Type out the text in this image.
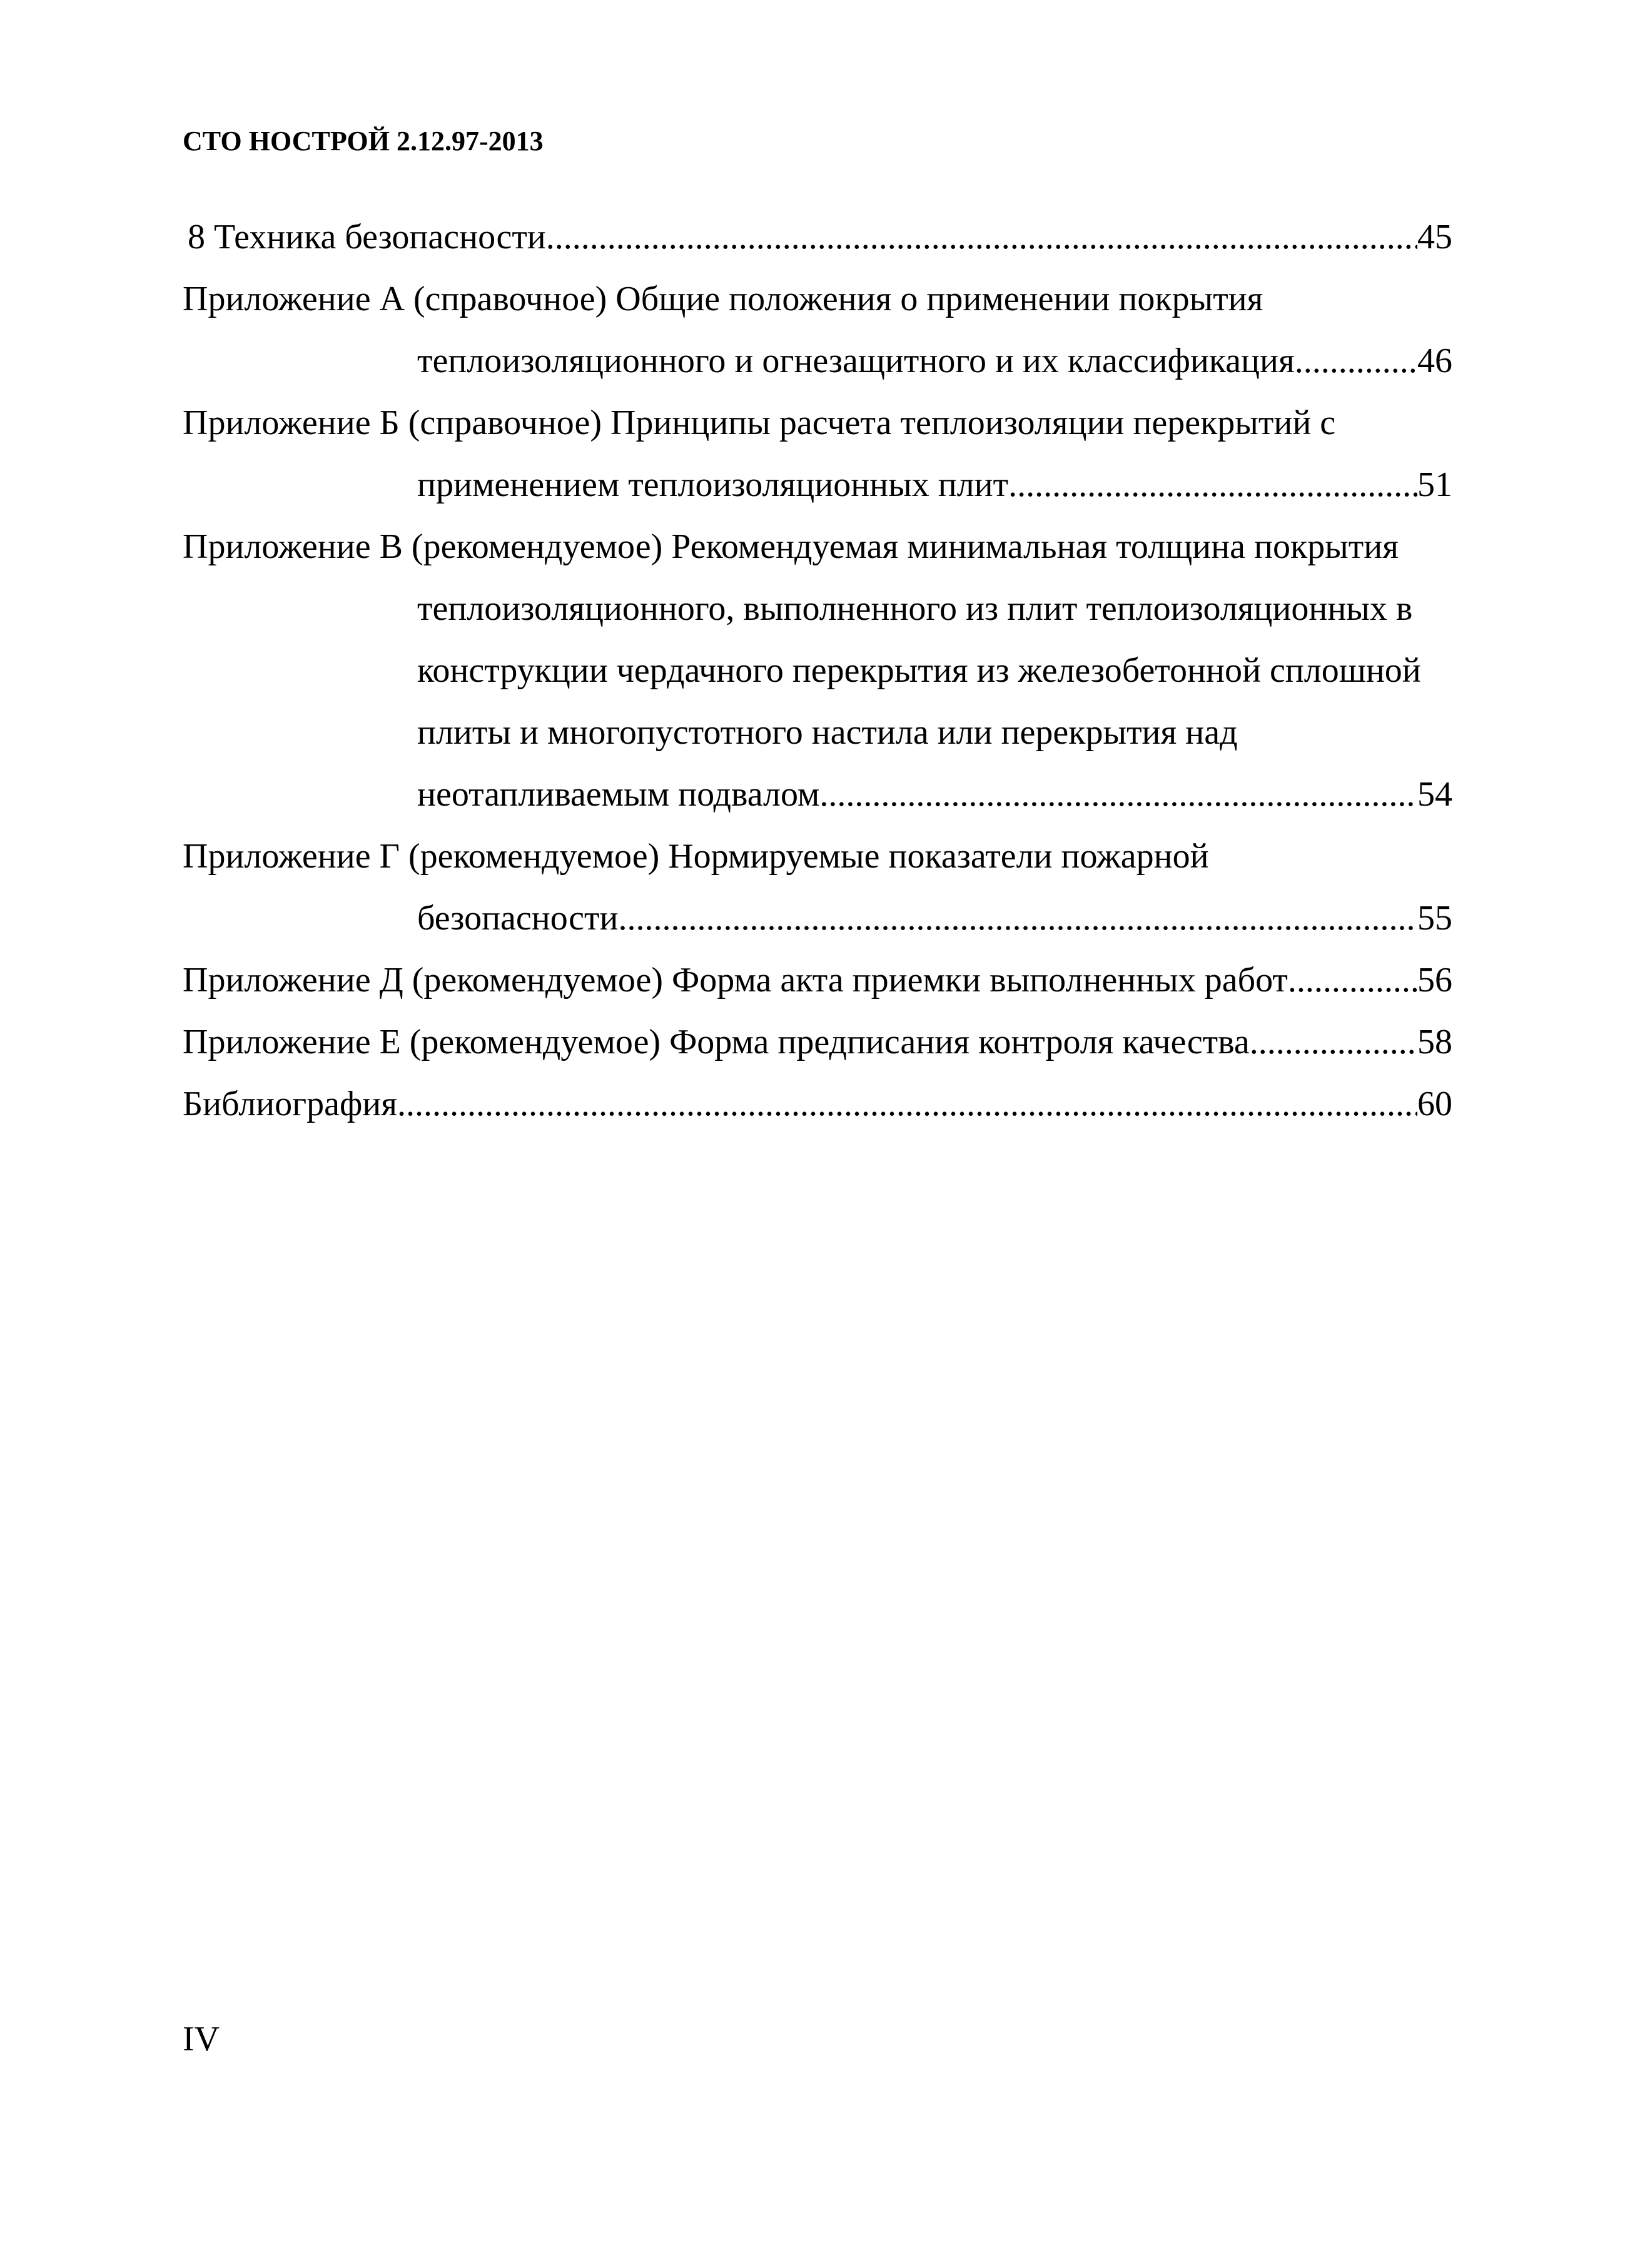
СТО НОСТРОЙ 2.12.97-2013
8 Техника безопасности .....	45
Приложение А (справочное) Общие положения о применении покрытия
теплоизоляционного и огнезащитного и их классификация .....	46
Приложение Б (справочное) Принципы расчета теплоизоляции перекрытий с
применением теплоизоляционных плит .....	51
Приложение В (рекомендуемое) Рекомендуемая минимальная толщина покрытия
теплоизоляционного, выполненного из плит теплоизоляционных в
конструкции чердачного перекрытия из железобетонной сплошной
плиты и многопустотного настила или перекрытия над
неотапливаемым подвалом .....	54
Приложение Г (рекомендуемое) Нормируемые показатели пожарной
безопасности .....	55
Приложение Д (рекомендуемое) Форма акта приемки выполненных работ .....	56
Приложение Е (рекомендуемое) Форма предписания контроля качества .....	58
Библиография .....	60
IV
